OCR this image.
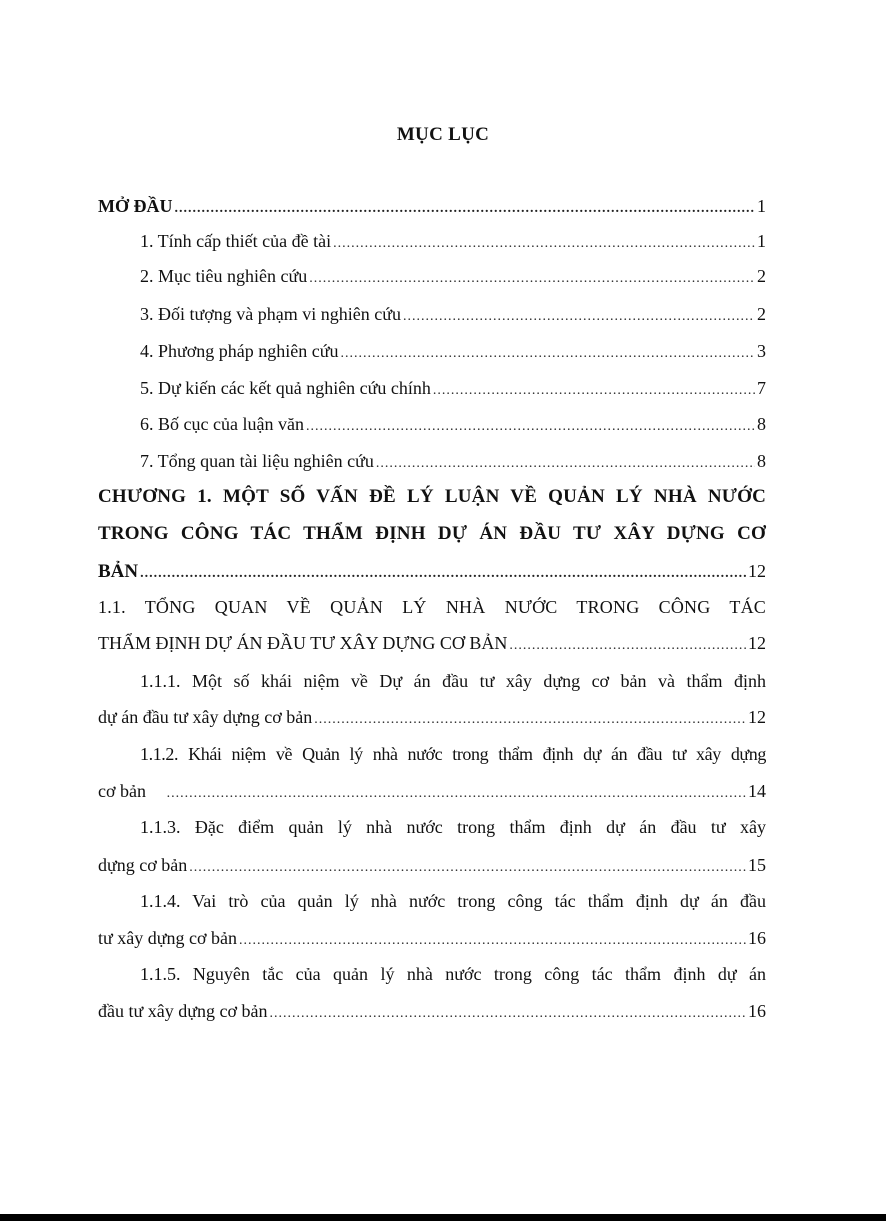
MỤC LỤC
MỞ ĐẦU .....	1
1. Tính cấp thiết của đề tài .....	1
2. Mục tiêu nghiên cứu .....	2
3. Đối tượng và phạm vi nghiên cứu .....	2
4. Phương pháp nghiên cứu .....	3
5. Dự kiến các kết quả nghiên cứu chính .....	7
6. Bố cục của luận văn .....	8
7. Tổng quan tài liệu nghiên cứu .....	8
CHƯƠNG 1. MỘT SỐ VẤN ĐỀ LÝ LUẬN VỀ QUẢN LÝ NHÀ NƯỚC
TRONG CÔNG TÁC THẨM ĐỊNH DỰ ÁN ĐẦU TƯ XÂY DỰNG CƠ
BẢN .....	12
1.1. TỔNG QUAN VỀ QUẢN LÝ NHÀ NƯỚC TRONG CÔNG TÁC
THẨM ĐỊNH DỰ ÁN ĐẦU TƯ XÂY DỰNG CƠ BẢN .....	12
1.1.1. Một số khái niệm về Dự án đầu tư xây dựng cơ bản và thẩm định
dự án đầu tư xây dựng cơ bản .....	12
1.1.2. Khái niệm về Quản lý nhà nước trong thẩm định dự án đầu tư xây dựng
cơ bản .....	14
1.1.3. Đặc điểm quản lý nhà nước trong thẩm định dự án đầu tư xây
dựng cơ bản .....	15
1.1.4. Vai trò của quản lý nhà nước trong công tác thẩm định dự án đầu
tư xây dựng cơ bản .....	16
1.1.5. Nguyên tắc của quản lý nhà nước trong công tác thẩm định dự án
đầu tư xây dựng cơ bản .....	16
